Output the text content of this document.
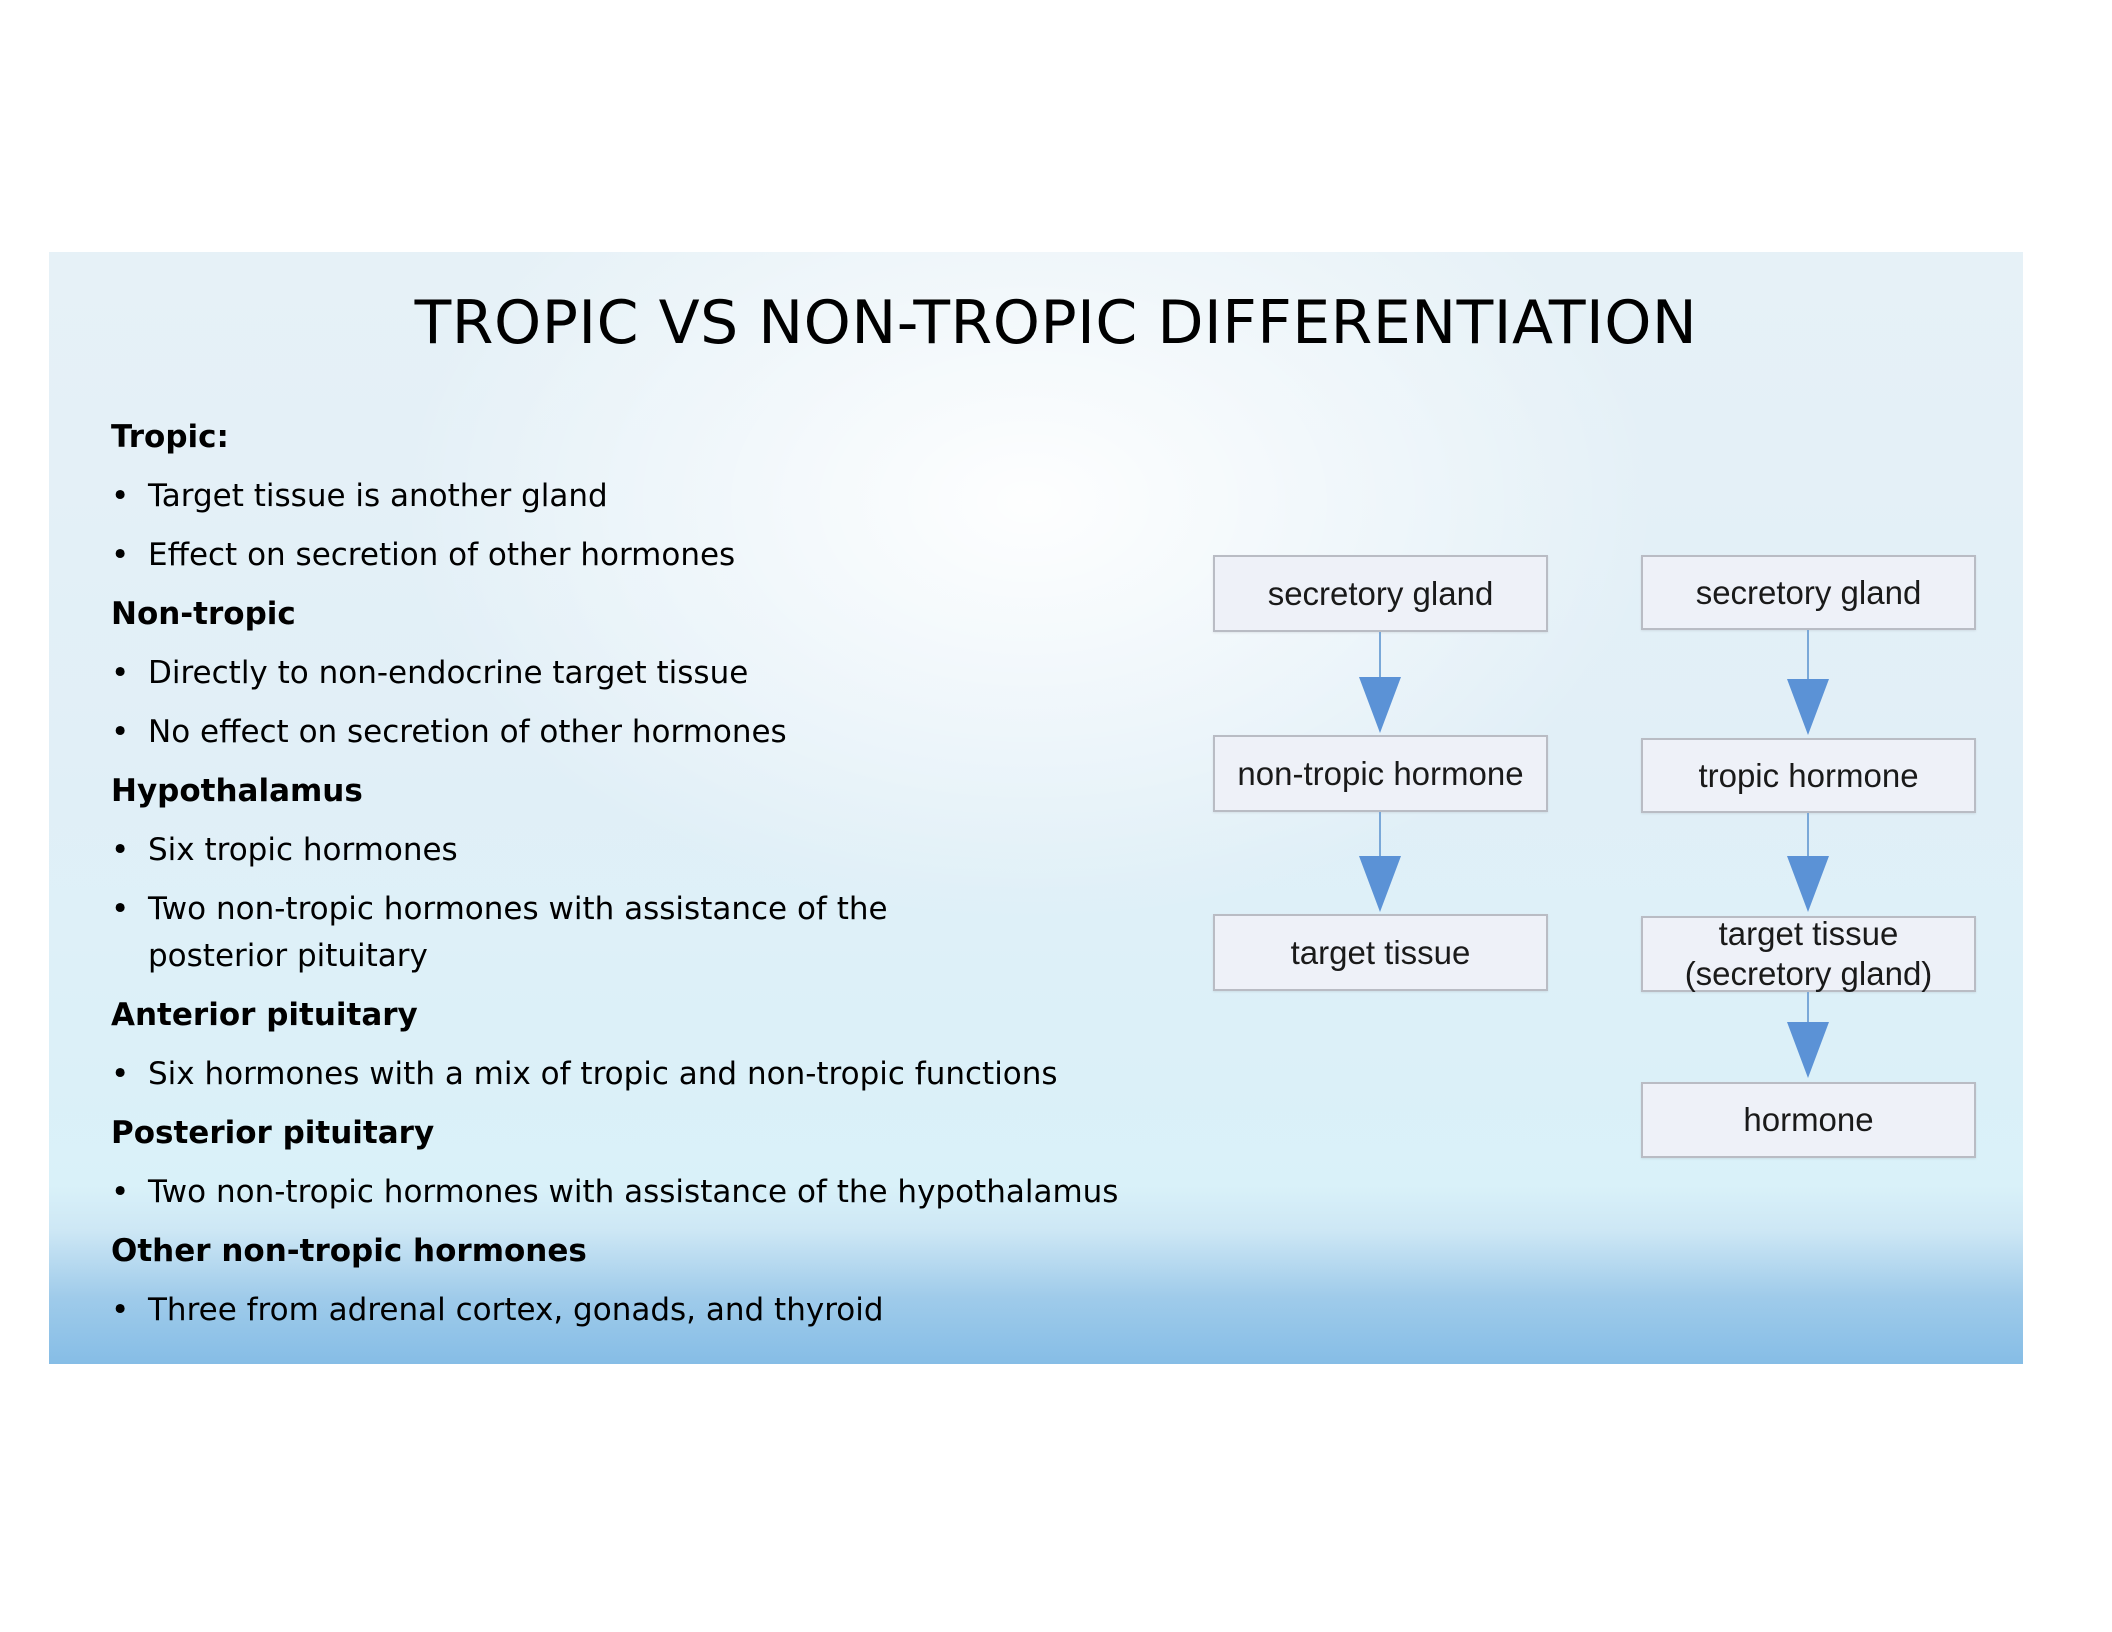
TROPIC VS NON-TROPIC DIFFERENTIATION
Tropic:
• Target tissue is another gland
• Effect on secretion of other hormones
Non-tropic
• Directly to non-endocrine target tissue
• No effect on secretion of other hormones
Hypothalamus
• Six tropic hormones
• Two non-tropic hormones with assistance of the posterior pituitary
Anterior pituitary
• Six hormones with a mix of tropic and non-tropic functions
Posterior pituitary
• Two non-tropic hormones with assistance of the hypothalamus
Other non-tropic hormones
• Three from adrenal cortex, gonads, and thyroid
secretory gland
non-tropic hormone
target tissue
secretory gland
tropic hormone
target tissue
(secretory gland)
hormone
